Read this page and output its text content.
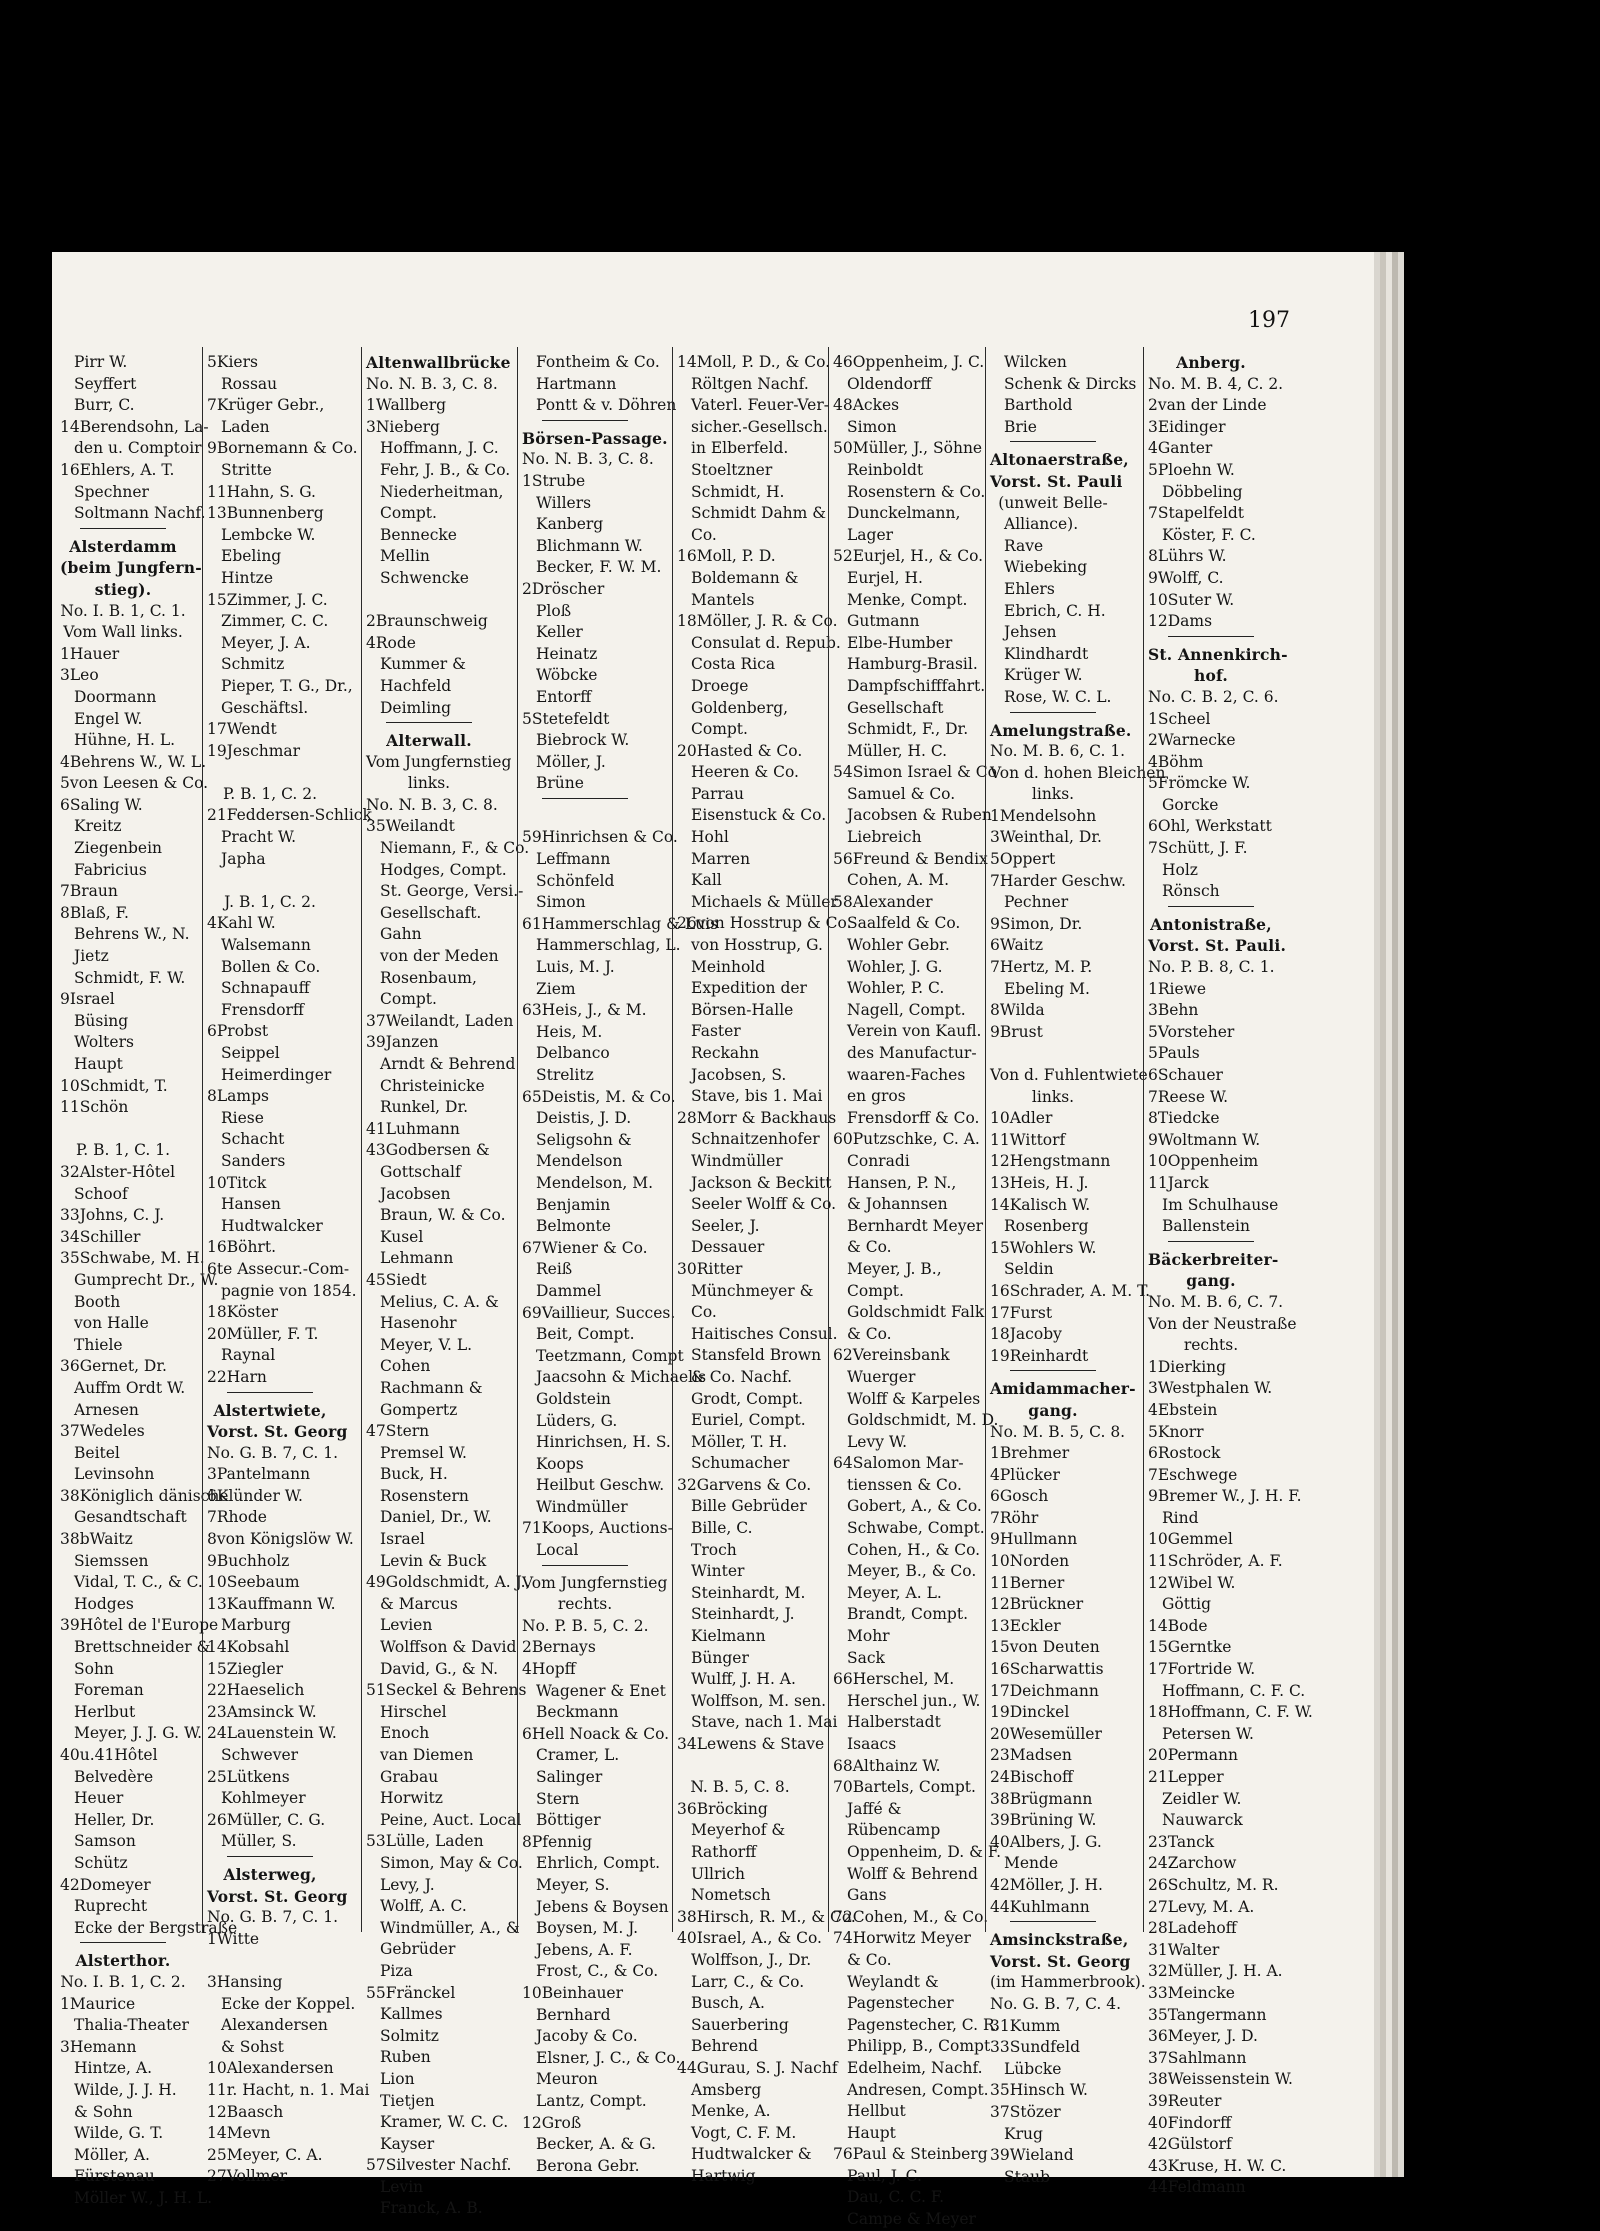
197
Pirr W.
Seyffert
Burr, C.
14Berendsohn, La-
den u. Comptoir
16Ehlers, A. T.
Spechner
Soltmann Nachf.
Alsterdamm
(beim Jungfern-
stieg).
No. I. B. 1, C. 1.
Vom Wall links.
1Hauer
3Leo
Doormann
Engel W.
Hühne, H. L.
4Behrens W., W. L.
5von Leesen & Co.
6Saling W.
Kreitz
Ziegenbein
Fabricius
7Braun
8Blaß, F.
Behrens W., N.
Jietz
Schmidt, F. W.
9Israel
Büsing
Wolters
Haupt
10Schmidt, T.
11Schön
P. B. 1, C. 1.
32Alster-Hôtel
Schoof
33Johns, C. J.
34Schiller
35Schwabe, M. H.
Gumprecht Dr., W.
Booth
von Halle
Thiele
36Gernet, Dr.
Auffm Ordt W.
Arnesen
37Wedeles
Beitel
Levinsohn
38Königlich dänische
Gesandtschaft
38bWaitz
Siemssen
Vidal, T. C., & C.
Hodges
39Hôtel de l'Europe
Brettschneider &
Sohn
Foreman
Herlbut
Meyer, J. J. G. W.
40u.41Hôtel
Belvedère
Heuer
Heller, Dr.
Samson
Schütz
42Domeyer
Ruprecht
Ecke der Bergstraße
Alsterthor.
No. I. B. 1, C. 2.
1Maurice
Thalia-Theater
3Hemann
Hintze, A.
Wilde, J. J. H.
& Sohn
Wilde, G. T.
Möller, A.
Fürstenau
Möller W., J. H. L.
5Kiers
Rossau
7Krüger Gebr.,
Laden
9Bornemann & Co.
Stritte
11Hahn, S. G.
13Bunnenberg
Lembcke W.
Ebeling
Hintze
15Zimmer, J. C.
Zimmer, C. C.
Meyer, J. A.
Schmitz
Pieper, T. G., Dr.,
Geschäftsl.
17Wendt
19Jeschmar
P. B. 1, C. 2.
21Feddersen-Schlick
Pracht W.
Japha
J. B. 1, C. 2.
4Kahl W.
Walsemann
Bollen & Co.
Schnapauff
Frensdorff
6Probst
Seippel
Heimerdinger
8Lamps
Riese
Schacht
Sanders
10Titck
Hansen
Hudtwalcker
16Böhrt.
6te Assecur.-Com-
pagnie von 1854.
18Köster
20Müller, F. T.
Raynal
22Harn
Alstertwiete,
Vorst. St. Georg
No. G. B. 7, C. 1.
3Pantelmann
6Klünder W.
7Rhode
8von Königslöw W.
9Buchholz
10Seebaum
13Kauffmann W.
Marburg
14Kobsahl
15Ziegler
22Haeselich
23Amsinck W.
24Lauenstein W.
Schwever
25Lütkens
Kohlmeyer
26Müller, C. G.
Müller, S.
Alsterweg,
Vorst. St. Georg
No. G. B. 7, C. 1.
1Witte
3Hansing
Ecke der Koppel.
Alexandersen
& Sohst
10Alexandersen
11r. Hacht, n. 1. Mai
12Baasch
14Mevn
25Meyer, C. A.
27Vollmer
Altenwallbrücke
No. N. B. 3, C. 8.
1Wallberg
3Nieberg
Hoffmann, J. C.
Fehr, J. B., & Co.
Niederheitman,
Compt.
Bennecke
Mellin
Schwencke
2Braunschweig
4Rode
Kummer &
Hachfeld
Deimling
Alterwall.
Vom Jungfernstieg
links.
No. N. B. 3, C. 8.
35Weilandt
Niemann, F., & Co.
Hodges, Compt.
St. George, Versi.-
Gesellschaft.
Gahn
von der Meden
Rosenbaum,
Compt.
37Weilandt, Laden
39Janzen
Arndt & Behrend
Christeinicke
Runkel, Dr.
41Luhmann
43Godbersen &
Gottschalf
Jacobsen
Braun, W. & Co.
Kusel
Lehmann
45Siedt
Melius, C. A. &
Hasenohr
Meyer, V. L.
Cohen
Rachmann &
Gompertz
47Stern
Premsel W.
Buck, H.
Rosenstern
Daniel, Dr., W.
Israel
Levin & Buck
49Goldschmidt, A. J.,
& Marcus
Levien
Wolffson & David
David, G., & N.
51Seckel & Behrens
Hirschel
Enoch
van Diemen
Grabau
Horwitz
Peine, Auct. Local
53Lülle, Laden
Simon, May & Co.
Levy, J.
Wolff, A. C.
Windmüller, A., &
Gebrüder
Piza
55Fränckel
Kallmes
Solmitz
Ruben
Lion
Tietjen
Kramer, W. C. C.
Kayser
57Silvester Nachf.
Levin
Franck, A. B.
Fontheim & Co.
Hartmann
Pontt & v. Döhren
Börsen-Passage.
No. N. B. 3, C. 8.
1Strube
Willers
Kanberg
Blichmann W.
Becker, F. W. M.
2Dröscher
Ploß
Keller
Heinatz
Wöbcke
Entorff
5Stetefeldt
Biebrock W.
Möller, J.
Brüne
59Hinrichsen & Co.
Leffmann
Schönfeld
Simon
61Hammerschlag & Luis
Hammerschlag, L.
Luis, M. J.
Ziem
63Heis, J., & M.
Heis, M.
Delbanco
Strelitz
65Deistis, M. & Co.
Deistis, J. D.
Seligsohn &
Mendelson
Mendelson, M.
Benjamin
Belmonte
67Wiener & Co.
Reiß
Dammel
69Vaillieur, Succes.
Beit, Compt.
Teetzmann, Compt
Jaacsohn & Michaelis
Goldstein
Lüders, G.
Hinrichsen, H. S.
Koops
Heilbut Geschw.
Windmüller
71Koops, Auctions-
Local
Vom Jungfernstieg
rechts.
No. P. B. 5, C. 2.
2Bernays
4Hopff
Wagener & Enet
Beckmann
6Hell Noack & Co.
Cramer, L.
Salinger
Stern
Böttiger
8Pfennig
Ehrlich, Compt.
Meyer, S.
Jebens & Boysen
Boysen, M. J.
Jebens, A. F.
Frost, C., & Co.
10Beinhauer
Bernhard
Jacoby & Co.
Elsner, J. C., & Co.
Meuron
Lantz, Compt.
12Groß
Becker, A. & G.
Berona Gebr.
14Moll, P. D., & Co.
Röltgen Nachf.
Vaterl. Feuer-Ver-
sicher.-Gesellsch.
in Elberfeld.
Stoeltzner
Schmidt, H.
Schmidt Dahm &
Co.
16Moll, P. D.
Boldemann &
Mantels
18Möller, J. R. & Co.
Consulat d. Repub.
Costa Rica
Droege
Goldenberg,
Compt.
20Hasted & Co.
Heeren & Co.
Parrau
Eisenstuck & Co.
Hohl
Marren
Kall
Michaels & Müller
26von Hosstrup & Co.
von Hosstrup, G.
Meinhold
Expedition der
Börsen-Halle
Faster
Reckahn
Jacobsen, S.
Stave, bis 1. Mai
28Morr & Backhaus
Schnaitzenhofer
Windmüller
Jackson & Beckitt
Seeler Wolff & Co.
Seeler, J.
Dessauer
30Ritter
Münchmeyer &
Co.
Haitisches Consul.
Stansfeld Brown
& Co. Nachf.
Grodt, Compt.
Euriel, Compt.
Möller, T. H.
Schumacher
32Garvens & Co.
Bille Gebrüder
Bille, C.
Troch
Winter
Steinhardt, M.
Steinhardt, J.
Kielmann
Bünger
Wulff, J. H. A.
Wolffson, M. sen.
Stave, nach 1. Mai
34Lewens & Stave
N. B. 5, C. 8.
36Bröcking
Meyerhof &
Rathorff
Ullrich
Nometsch
38Hirsch, R. M., & Co.
40Israel, A., & Co.
Wolffson, J., Dr.
Larr, C., & Co.
Busch, A.
Sauerbering
Behrend
44Gurau, S. J. Nachf
Amsberg
Menke, A.
Vogt, C. F. M.
Hudtwalcker &
Hartwig
46Oppenheim, J. C.
Oldendorff
48Ackes
Simon
50Müller, J., Söhne
Reinboldt
Rosenstern & Co.
Dunckelmann,
Lager
52Eurjel, H., & Co.
Eurjel, H.
Menke, Compt.
Gutmann
Elbe-Humber
Hamburg-Brasil.
Dampfschifffahrt.
Gesellschaft
Schmidt, F., Dr.
Müller, H. C.
54Simon Israel & Co
Samuel & Co.
Jacobsen & Ruben
Liebreich
56Freund & Bendix
Cohen, A. M.
58Alexander
Saalfeld & Co.
Wohler Gebr.
Wohler, J. G.
Wohler, P. C.
Nagell, Compt.
Verein von Kaufl.
des Manufactur-
waaren-Faches
en gros
Frensdorff & Co.
60Putzschke, C. A.
Conradi
Hansen, P. N.,
& Johannsen
Bernhardt Meyer
& Co.
Meyer, J. B.,
Compt.
Goldschmidt Falk
& Co.
62Vereinsbank
Wuerger
Wolff & Karpeles
Goldschmidt, M. D.
Levy W.
64Salomon Mar-
tienssen & Co.
Gobert, A., & Co.
Schwabe, Compt.
Cohen, H., & Co.
Meyer, B., & Co.
Meyer, A. L.
Brandt, Compt.
Mohr
Sack
66Herschel, M.
Herschel jun., W.
Halberstadt
Isaacs
68Althainz W.
70Bartels, Compt.
Jaffé &
Rübencamp
Oppenheim, D. & F.
Wolff & Behrend
Gans
72Cohen, M., & Co.
74Horwitz Meyer
& Co.
Weylandt &
Pagenstecher
Pagenstecher, C. R.
Philipp, B., Compt
Edelheim, Nachf.
Andresen, Compt.
Hellbut
Haupt
76Paul & Steinberg
Paul, J. C.
Dau, C. C. F.
Campe & Meyer
Wilcken
Schenk & Dircks
Barthold
Brie
Altonaerstraße,
Vorst. St. Pauli
(unweit Belle-
Alliance).
Rave
Wiebeking
Ehlers
Ebrich, C. H.
Jehsen
Klindhardt
Krüger W.
Rose, W. C. L.
Amelungstraße.
No. M. B. 6, C. 1.
Von d. hohen Bleichen
links.
1Mendelsohn
3Weinthal, Dr.
5Oppert
7Harder Geschw.
Pechner
9Simon, Dr.
6Waitz
7Hertz, M. P.
Ebeling M.
8Wilda
9Brust
Von d. Fuhlentwiete
links.
10Adler
11Wittorf
12Hengstmann
13Heis, H. J.
14Kalisch W.
Rosenberg
15Wohlers W.
Seldin
16Schrader, A. M. T.
17Furst
18Jacoby
19Reinhardt
Amidammacher-
gang.
No. M. B. 5, C. 8.
1Brehmer
4Plücker
6Gosch
7Röhr
9Hullmann
10Norden
11Berner
12Brückner
13Eckler
15von Deuten
16Scharwattis
17Deichmann
19Dinckel
20Wesemüller
23Madsen
24Bischoff
38Brügmann
39Brüning W.
40Albers, J. G.
Mende
42Möller, J. H.
44Kuhlmann
Amsinckstraße,
Vorst. St. Georg
(im Hammerbrook).
No. G. B. 7, C. 4.
31Kumm
33Sundfeld
Lübcke
35Hinsch W.
37Stözer
Krug
39Wieland
Staub
Anberg.
No. M. B. 4, C. 2.
2van der Linde
3Eidinger
4Ganter
5Ploehn W.
Döbbeling
7Stapelfeldt
Köster, F. C.
8Lührs W.
9Wolff, C.
10Suter W.
12Dams
St. Annenkirch-
hof.
No. C. B. 2, C. 6.
1Scheel
2Warnecke
4Böhm
5Frömcke W.
Gorcke
6Ohl, Werkstatt
7Schütt, J. F.
Holz
Rönsch
Antonistraße,
Vorst. St. Pauli.
No. P. B. 8, C. 1.
1Riewe
3Behn
5Vorsteher
5Pauls
6Schauer
7Reese W.
8Tiedcke
9Woltmann W.
10Oppenheim
11Jarck
Im Schulhause
Ballenstein
Bäckerbreiter-
gang.
No. M. B. 6, C. 7.
Von der Neustraße
rechts.
1Dierking
3Westphalen W.
4Ebstein
5Knorr
6Rostock
7Eschwege
9Bremer W., J. H. F.
Rind
10Gemmel
11Schröder, A. F.
12Wibel W.
Göttig
14Bode
15Gerntke
17Fortride W.
Hoffmann, C. F. C.
18Hoffmann, C. F. W.
Petersen W.
20Permann
21Lepper
Zeidler W.
Nauwarck
23Tanck
24Zarchow
26Schultz, M. R.
27Levy, M. A.
28Ladehoff
31Walter
32Müller, J. H. A.
33Meincke
35Tangermann
36Meyer, J. D.
37Sahlmann
38Weissenstein W.
39Reuter
40Findorff
42Gülstorf
43Kruse, H. W. C.
44Feldmann
